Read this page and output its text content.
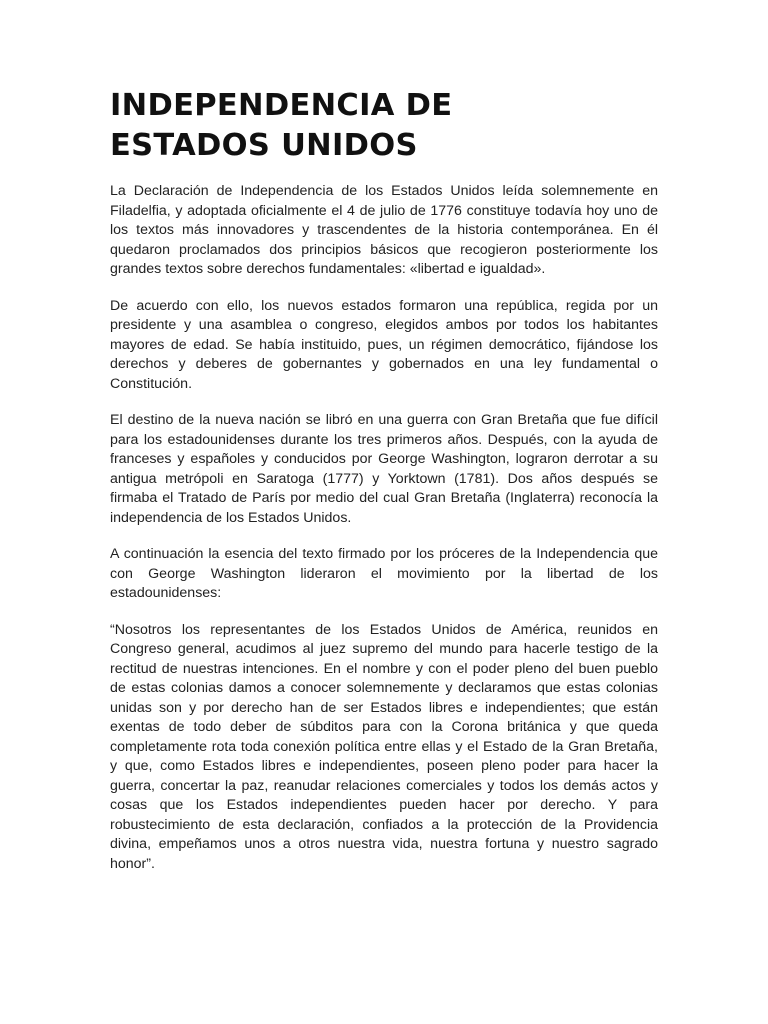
INDEPENDENCIA DE
ESTADOS UNIDOS

La Declaración de Independencia de los Estados Unidos leída solemnemente en Filadelfia, y adoptada oficialmente el 4 de julio de 1776 constituye todavía hoy uno de los textos más innovadores y trascendentes de la historia contemporánea. En él quedaron proclamados dos principios básicos que recogieron posteriormente los grandes textos sobre derechos fundamentales: «libertad e igualdad».

De acuerdo con ello, los nuevos estados formaron una república, regida por un presidente y una asamblea o congreso, elegidos ambos por todos los habitantes mayores de edad. Se había instituido, pues, un régimen democrático, fijándose los derechos y deberes de gobernantes y gobernados en una ley fundamental o Constitución.

El destino de la nueva nación se libró en una guerra con Gran Bretaña que fue difícil para los estadounidenses durante los tres primeros años. Después, con la ayuda de franceses y españoles y conducidos por George Washington, lograron derrotar a su antigua metrópoli en Saratoga (1777) y Yorktown (1781). Dos años después se firmaba el Tratado de París por medio del cual Gran Bretaña (Inglaterra) reconocía la independencia de los Estados Unidos.

A continuación la esencia del texto firmado por los próceres de la Independencia que con George Washington lideraron el movimiento por la libertad de los estadounidenses:

“Nosotros los representantes de los Estados Unidos de América, reunidos en Congreso general, acudimos al juez supremo del mundo para hacerle testigo de la rectitud de nuestras intenciones. En el nombre y con el poder pleno del buen pueblo de estas colonias damos a conocer solemnemente y declaramos que estas colonias unidas son y por derecho han de ser Estados libres e independientes; que están exentas de todo deber de súbditos para con la Corona británica y que queda completamente rota toda conexión política entre ellas y el Estado de la Gran Bretaña, y que, como Estados libres e independientes, poseen pleno poder para hacer la guerra, concertar la paz, reanudar relaciones comerciales y todos los demás actos y cosas que los Estados independientes pueden hacer por derecho. Y para robustecimiento de esta declaración, confiados a la protección de la Providencia divina, empeñamos unos a otros nuestra vida, nuestra fortuna y nuestro sagrado honor”.
